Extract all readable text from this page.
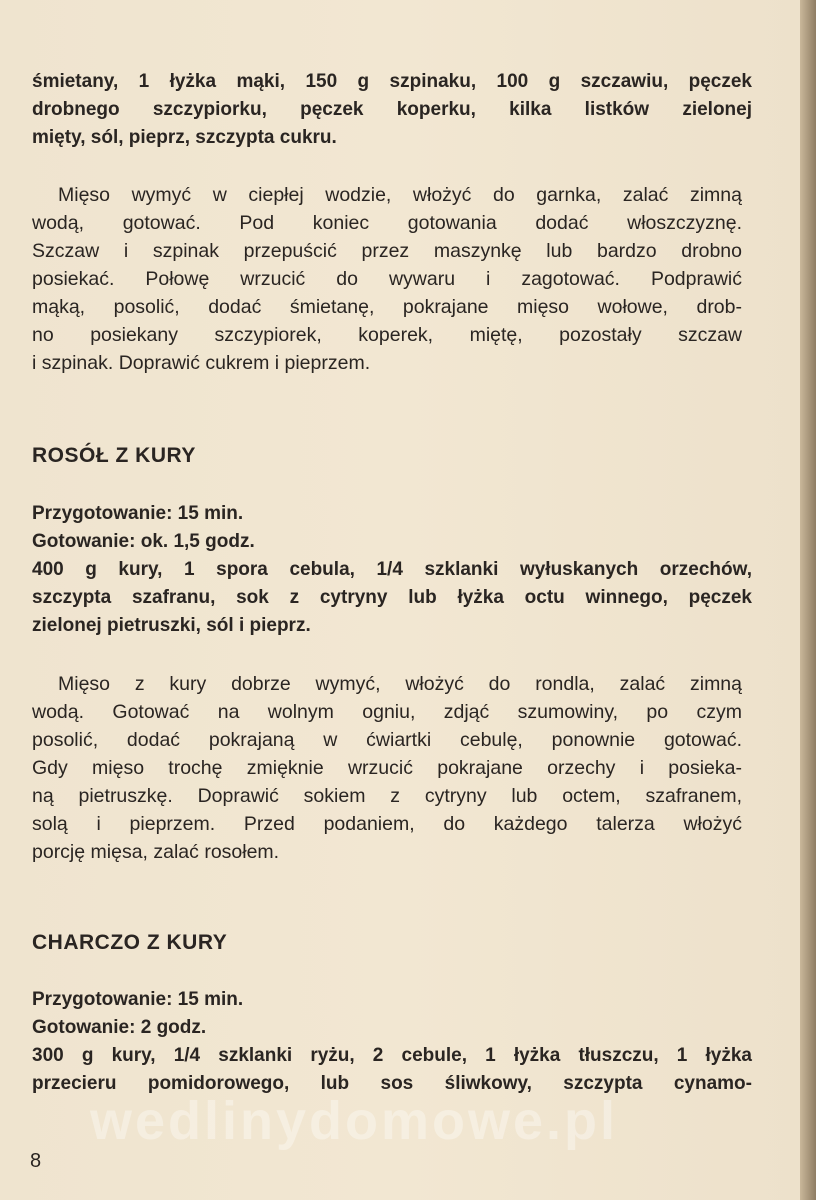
śmietany, 1 łyżka mąki, 150 g szpinaku, 100 g szczawiu, pęczek
drobnego szczypiorku, pęczek koperku, kilka listków zielonej
mięty, sól, pieprz, szczypta cukru.
Mięso wymyć w ciepłej wodzie, włożyć do garnka, zalać zimną
wodą, gotować. Pod koniec gotowania dodać włoszczyznę.
Szczaw i szpinak przepuścić przez maszynkę lub bardzo drobno
posiekać. Połowę wrzucić do wywaru i zagotować. Podprawić
mąką, posolić, dodać śmietanę, pokrajane mięso wołowe, drob-
no posiekany szczypiorek, koperek, miętę, pozostały szczaw
i szpinak. Doprawić cukrem i pieprzem.
ROSÓŁ Z KURY
Przygotowanie: 15 min.
Gotowanie: ok. 1,5 godz.
400 g kury, 1 spora cebula, 1/4 szklanki wyłuskanych orzechów,
szczypta szafranu, sok z cytryny lub łyżka octu winnego, pęczek
zielonej pietruszki, sól i pieprz.
Mięso z kury dobrze wymyć, włożyć do rondla, zalać zimną
wodą. Gotować na wolnym ogniu, zdjąć szumowiny, po czym
posolić, dodać pokrajaną w ćwiartki cebulę, ponownie gotować.
Gdy mięso trochę zmięknie wrzucić pokrajane orzechy i posieka-
ną pietruszkę. Doprawić sokiem z cytryny lub octem, szafranem,
solą i pieprzem. Przed podaniem, do każdego talerza włożyć
porcję mięsa, zalać rosołem.
CHARCZO Z KURY
Przygotowanie: 15 min.
Gotowanie: 2 godz.
300 g kury, 1/4 szklanki ryżu, 2 cebule, 1 łyżka tłuszczu, 1 łyżka
przecieru pomidorowego, lub sos śliwkowy, szczypta cynamo-
wedlinydomowe.pl
8
